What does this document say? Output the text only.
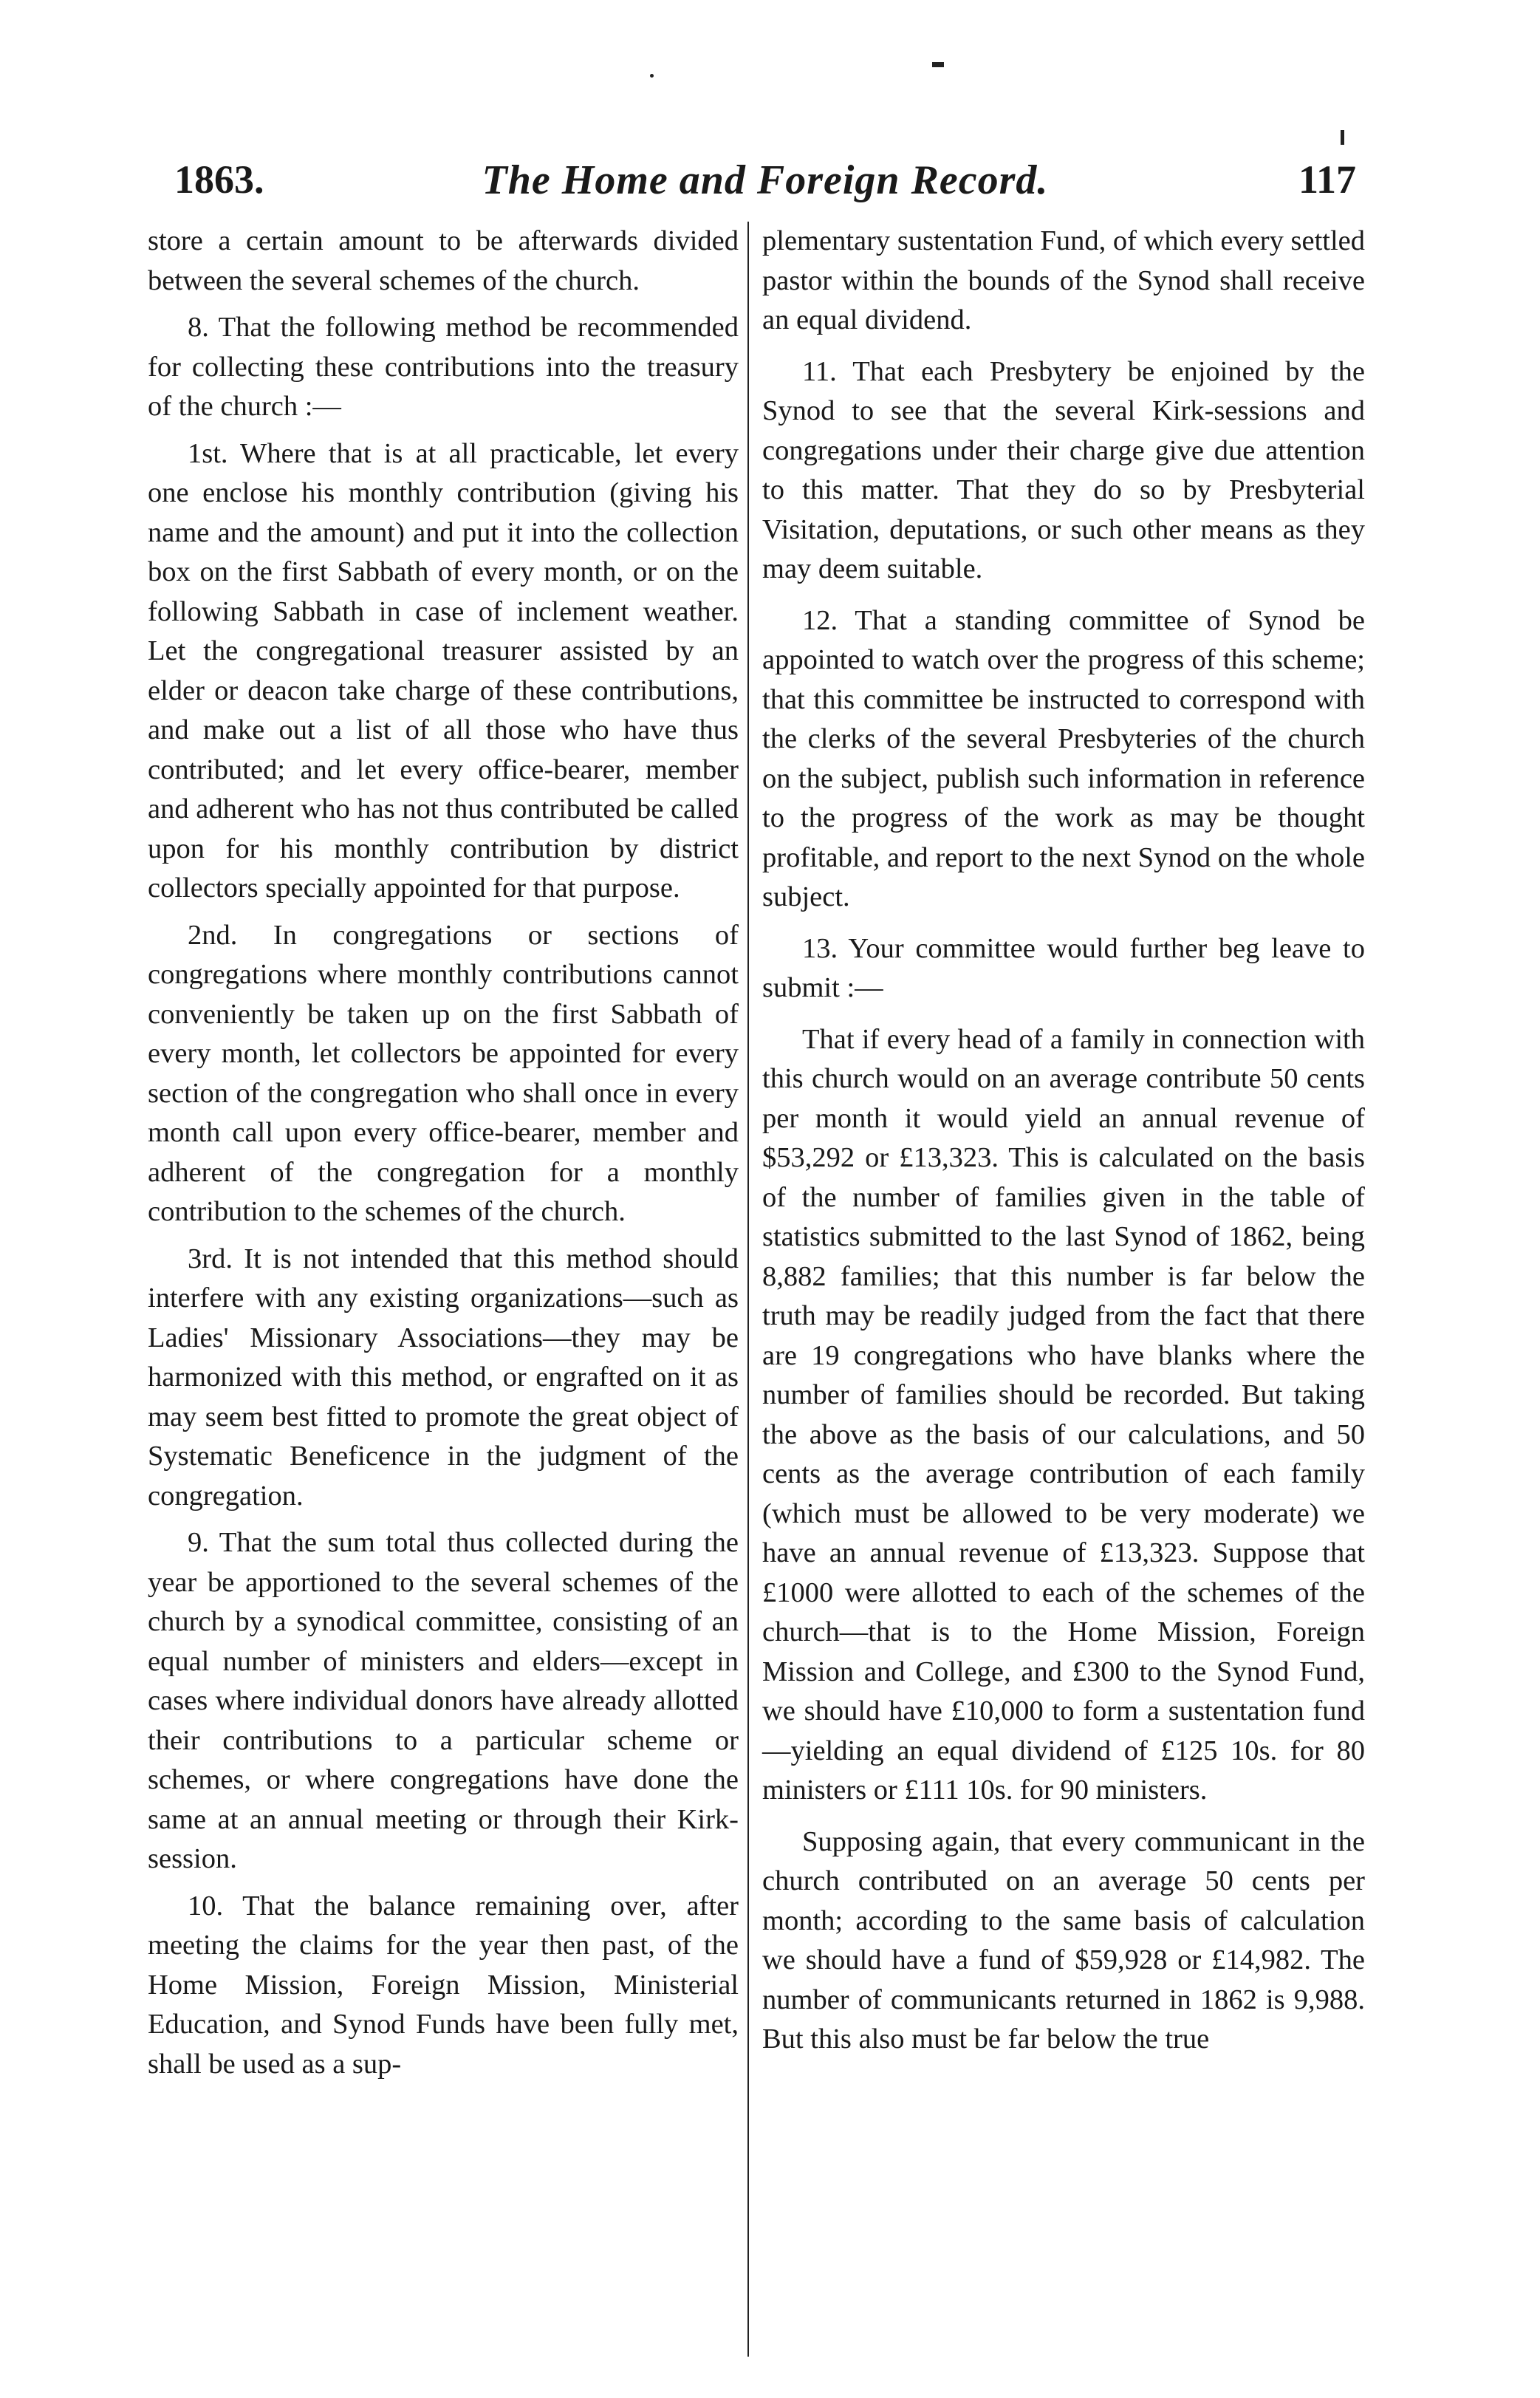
1863.	The Home and Foreign Record.	117

store a certain amount to be afterwards divided between the several schemes of the church.

8. That the following method be recommended for collecting these contributions into the treasury of the church :—

1st. Where that is at all practicable, let every one enclose his monthly contribution (giving his name and the amount) and put it into the collection box on the first Sabbath of every month, or on the following Sabbath in case of inclement weather. Let the congregational treasurer assisted by an elder or deacon take charge of these contributions, and make out a list of all those who have thus contributed; and let every office-bearer, member and adherent who has not thus contributed be called upon for his monthly contribution by district collectors specially appointed for that purpose.

2nd. In congregations or sections of congregations where monthly contributions cannot conveniently be taken up on the first Sabbath of every month, let collectors be appointed for every section of the congregation who shall once in every month call upon every office-bearer, member and adherent of the congregation for a monthly contribution to the schemes of the church.

3rd. It is not intended that this method should interfere with any existing organizations—such as Ladies' Missionary Associations—they may be harmonized with this method, or engrafted on it as may seem best fitted to promote the great object of Systematic Beneficence in the judgment of the congregation.

9. That the sum total thus collected during the year be apportioned to the several schemes of the church by a synodical committee, consisting of an equal number of ministers and elders—except in cases where individual donors have already allotted their contributions to a particular scheme or schemes, or where congregations have done the same at an annual meeting or through their Kirk-session.

10. That the balance remaining over, after meeting the claims for the year then past, of the Home Mission, Foreign Mission, Ministerial Education, and Synod Funds have been fully met, shall be used as a sup-

plementary sustentation Fund, of which every settled pastor within the bounds of the Synod shall receive an equal dividend.

11. That each Presbytery be enjoined by the Synod to see that the several Kirk-sessions and congregations under their charge give due attention to this matter. That they do so by Presbyterial Visitation, deputations, or such other means as they may deem suitable.

12. That a standing committee of Synod be appointed to watch over the progress of this scheme; that this committee be instructed to correspond with the clerks of the several Presbyteries of the church on the subject, publish such information in reference to the progress of the work as may be thought profitable, and report to the next Synod on the whole subject.

13. Your committee would further beg leave to submit :—

That if every head of a family in connection with this church would on an average contribute 50 cents per month it would yield an annual revenue of $53,292 or £13,323. This is calculated on the basis of the number of families given in the table of statistics submitted to the last Synod of 1862, being 8,882 families; that this number is far below the truth may be readily judged from the fact that there are 19 congregations who have blanks where the number of families should be recorded. But taking the above as the basis of our calculations, and 50 cents as the average contribution of each family (which must be allowed to be very moderate) we have an annual revenue of £13,323. Suppose that £1000 were allotted to each of the schemes of the church—that is to the Home Mission, Foreign Mission and College, and £300 to the Synod Fund, we should have £10,000 to form a sustentation fund—yielding an equal dividend of £125 10s. for 80 ministers or £111 10s. for 90 ministers.

Supposing again, that every communicant in the church contributed on an average 50 cents per month; according to the same basis of calculation we should have a fund of $59,928 or £14,982. The number of communicants returned in 1862 is 9,988. But this also must be far below the true
